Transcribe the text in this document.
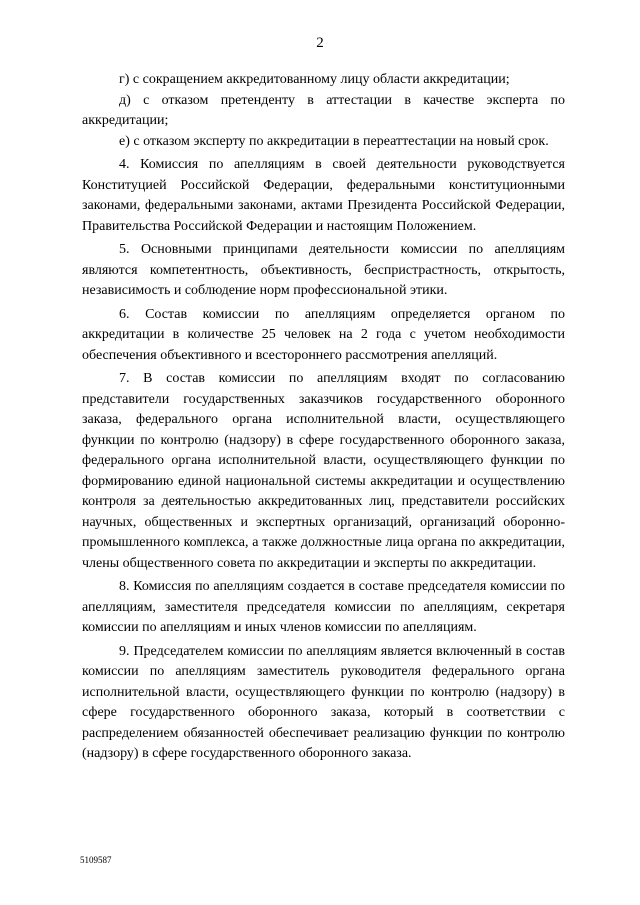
2

г) с сокращением аккредитованному лицу области аккредитации;

д) с отказом претенденту в аттестации в качестве эксперта по аккредитации;

е) с отказом эксперту по аккредитации в переаттестации на новый срок.

4. Комиссия по апелляциям в своей деятельности руководствуется Конституцией Российской Федерации, федеральными конституционными законами, федеральными законами, актами Президента Российской Федерации, Правительства Российской Федерации и настоящим Положением.

5. Основными принципами деятельности комиссии по апелляциям являются компетентность, объективность, беспристрастность, открытость, независимость и соблюдение норм профессиональной этики.

6. Состав комиссии по апелляциям определяется органом по аккредитации в количестве 25 человек на 2 года с учетом необходимости обеспечения объективного и всестороннего рассмотрения апелляций.

7. В состав комиссии по апелляциям входят по согласованию представители государственных заказчиков государственного оборонного заказа, федерального органа исполнительной власти, осуществляющего функции по контролю (надзору) в сфере государственного оборонного заказа, федерального органа исполнительной власти, осуществляющего функции по формированию единой национальной системы аккредитации и осуществлению контроля за деятельностью аккредитованных лиц, представители российских научных, общественных и экспертных организаций, организаций оборонно-промышленного комплекса, а также должностные лица органа по аккредитации, члены общественного совета по аккредитации и эксперты по аккредитации.

8. Комиссия по апелляциям создается в составе председателя комиссии по апелляциям, заместителя председателя комиссии по апелляциям, секретаря комиссии по апелляциям и иных членов комиссии по апелляциям.

9. Председателем комиссии по апелляциям является включенный в состав комиссии по апелляциям заместитель руководителя федерального органа исполнительной власти, осуществляющего функции по контролю (надзору) в сфере государственного оборонного заказа, который в соответствии с распределением обязанностей обеспечивает реализацию функции по контролю (надзору) в сфере государственного оборонного заказа.

5109587
